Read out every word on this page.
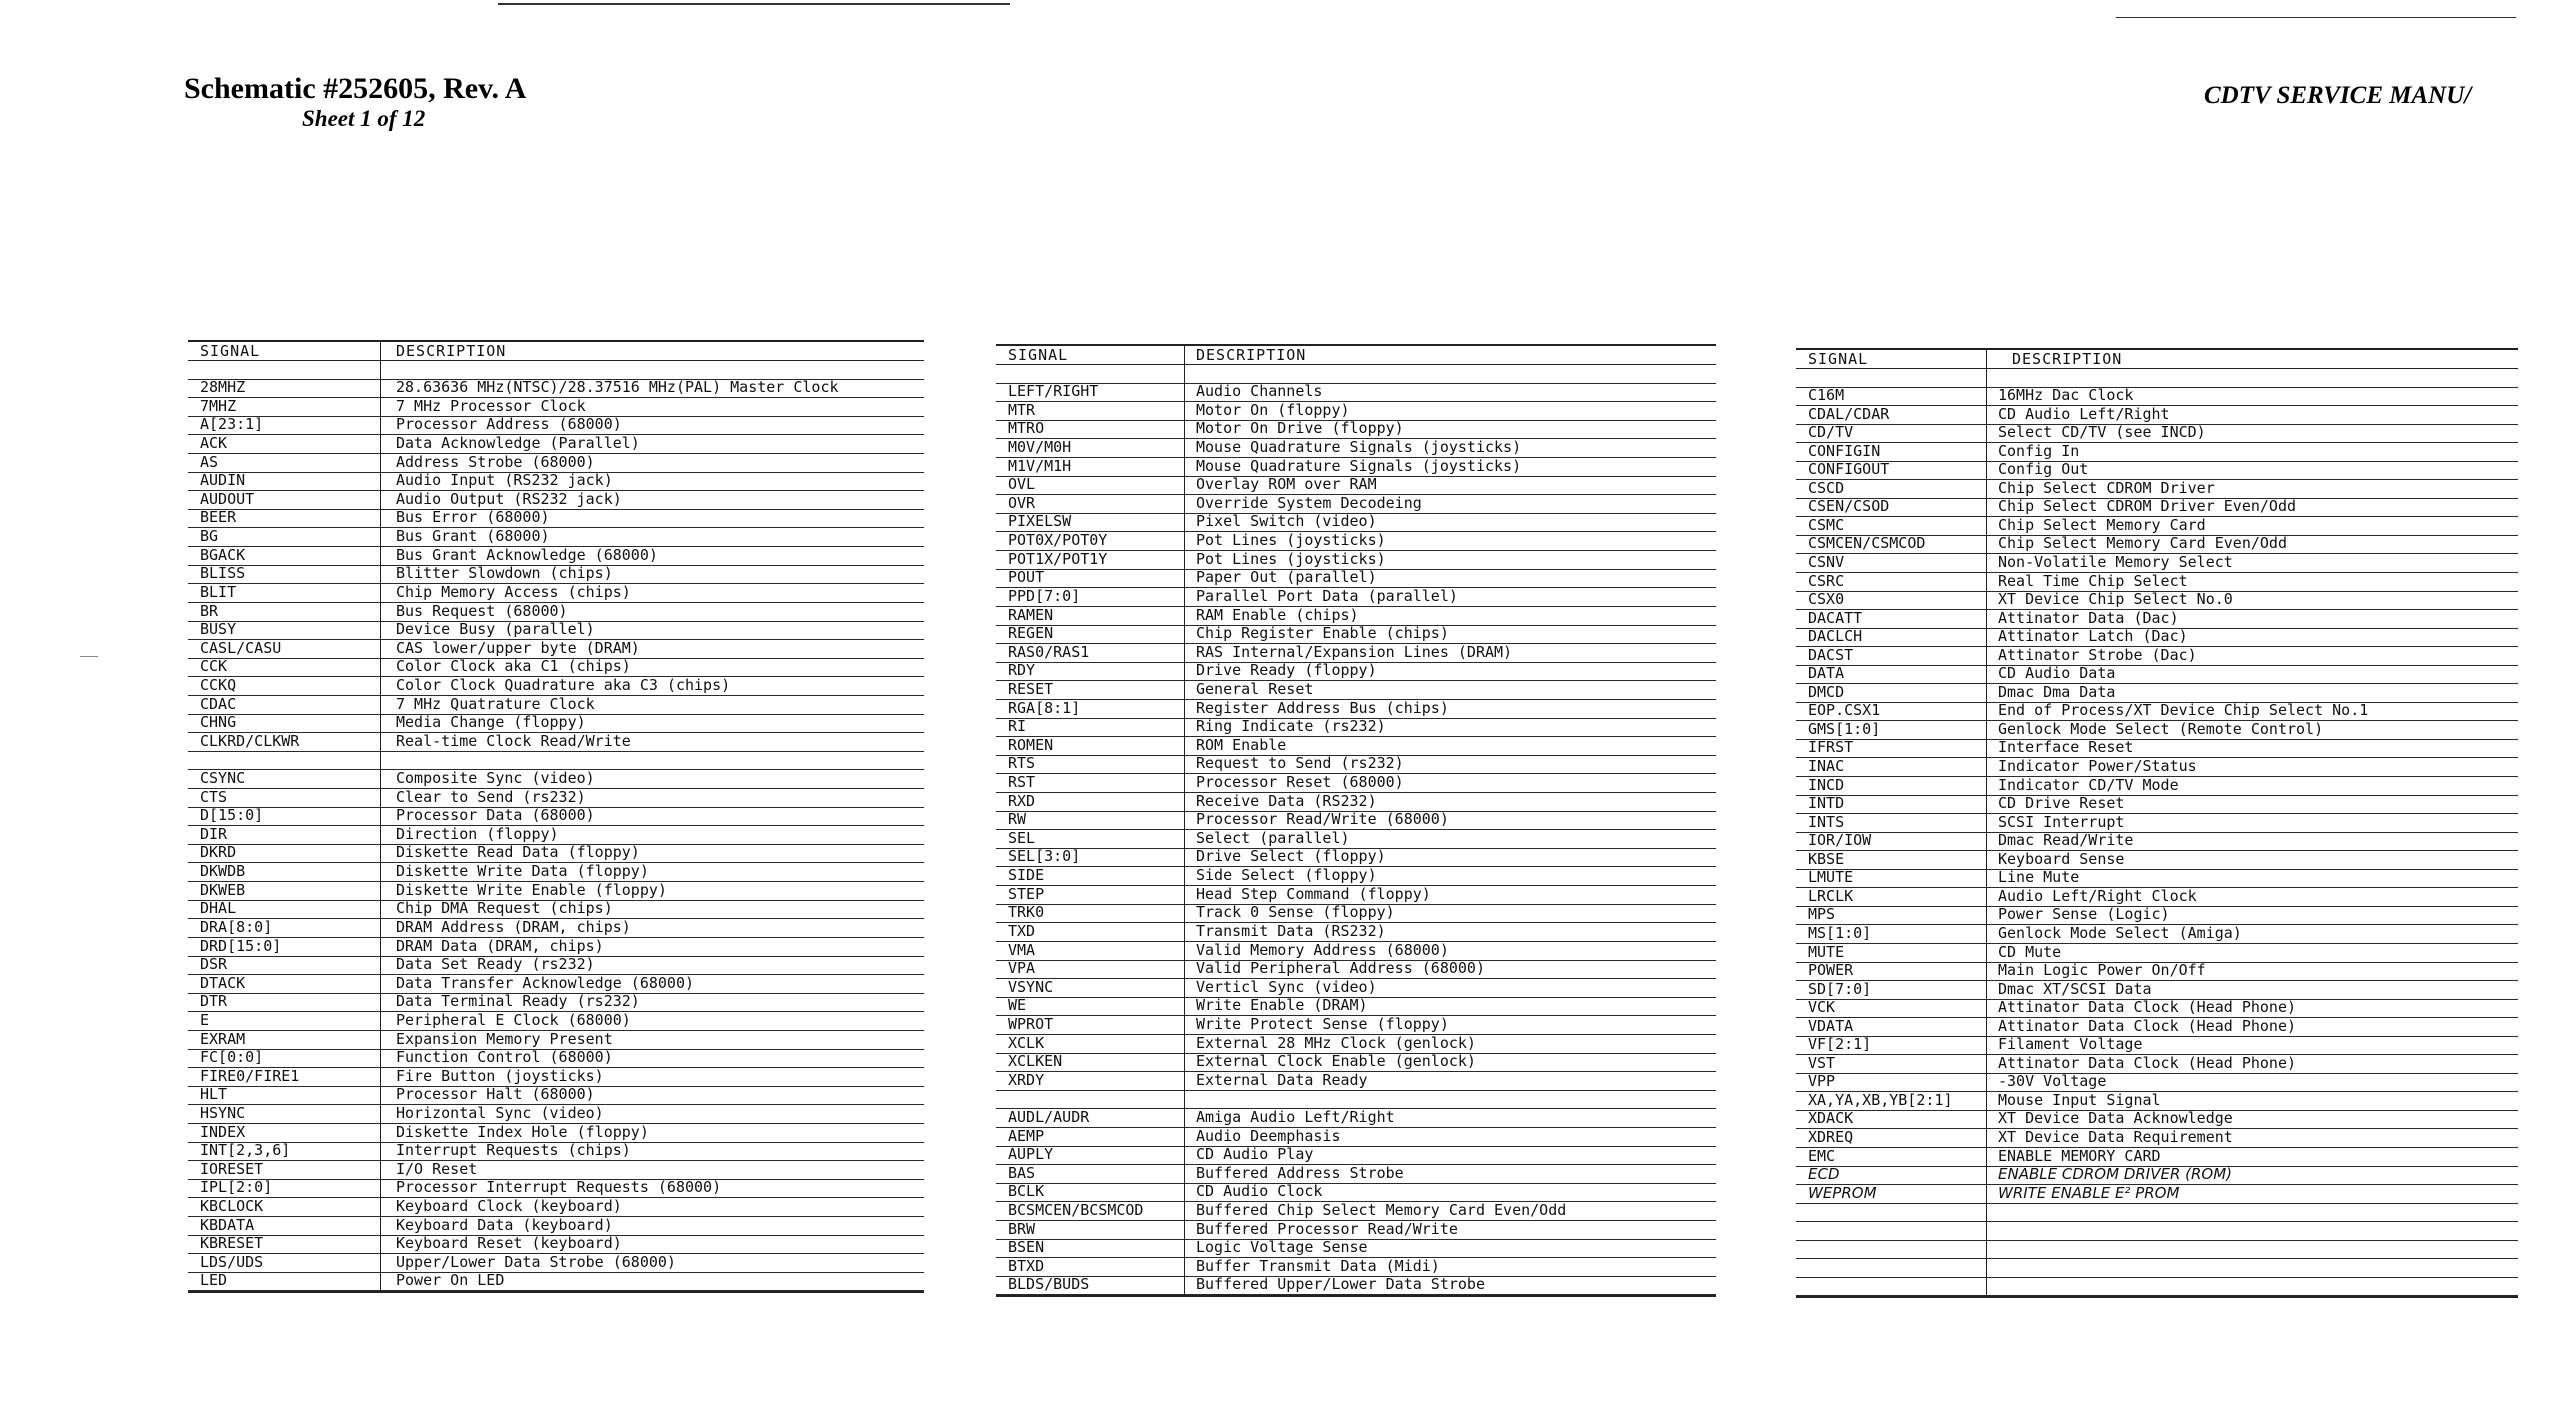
Schematic #252605, Rev. A
Sheet 1 of 12
CDTV SERVICE MANU/
SIGNAL	DESCRIPTION
28MHZ	28.63636 MHz(NTSC)/28.37516 MHz(PAL) Master Clock
7MHZ	7 MHz Processor Clock
A[23:1]	Processor Address (68000)
ACK	Data Acknowledge (Parallel)
AS	Address Strobe (68000)
AUDIN	Audio Input (RS232 jack)
AUDOUT	Audio Output (RS232 jack)
BEER	Bus Error (68000)
BG	Bus Grant (68000)
BGACK	Bus Grant Acknowledge (68000)
BLISS	Blitter Slowdown (chips)
BLIT	Chip Memory Access (chips)
BR	Bus Request (68000)
BUSY	Device Busy (parallel)
CASL/CASU	CAS lower/upper byte (DRAM)
CCK	Color Clock aka C1 (chips)
CCKQ	Color Clock Quadrature aka C3 (chips)
CDAC	7 MHz Quatrature Clock
CHNG	Media Change (floppy)
CLKRD/CLKWR	Real-time Clock Read/Write
CSYNC	Composite Sync (video)
CTS	Clear to Send (rs232)
D[15:0]	Processor Data (68000)
DIR	Direction (floppy)
DKRD	Diskette Read Data (floppy)
DKWDB	Diskette Write Data (floppy)
DKWEB	Diskette Write Enable (floppy)
DHAL	Chip DMA Request (chips)
DRA[8:0]	DRAM Address (DRAM, chips)
DRD[15:0]	DRAM Data (DRAM, chips)
DSR	Data Set Ready (rs232)
DTACK	Data Transfer Acknowledge (68000)
DTR	Data Terminal Ready (rs232)
E	Peripheral E Clock (68000)
EXRAM	Expansion Memory Present
FC[0:0]	Function Control (68000)
FIRE0/FIRE1	Fire Button (joysticks)
HLT	Processor Halt (68000)
HSYNC	Horizontal Sync (video)
INDEX	Diskette Index Hole (floppy)
INT[2,3,6]	Interrupt Requests (chips)
IORESET	I/O Reset
IPL[2:0]	Processor Interrupt Requests (68000)
KBCLOCK	Keyboard Clock (keyboard)
KBDATA	Keyboard Data (keyboard)
KBRESET	Keyboard Reset (keyboard)
LDS/UDS	Upper/Lower Data Strobe (68000)
LED	Power On LED
SIGNAL	DESCRIPTION
LEFT/RIGHT	Audio Channels
MTR	Motor On (floppy)
MTRO	Motor On Drive (floppy)
M0V/M0H	Mouse Quadrature Signals (joysticks)
M1V/M1H	Mouse Quadrature Signals (joysticks)
OVL	Overlay ROM over RAM
OVR	Override System Decodeing
PIXELSW	Pixel Switch (video)
POT0X/POT0Y	Pot Lines (joysticks)
POT1X/POT1Y	Pot Lines (joysticks)
POUT	Paper Out (parallel)
PPD[7:0]	Parallel Port Data (parallel)
RAMEN	RAM Enable (chips)
REGEN	Chip Register Enable (chips)
RAS0/RAS1	RAS Internal/Expansion Lines (DRAM)
RDY	Drive Ready (floppy)
RESET	General Reset
RGA[8:1]	Register Address Bus (chips)
RI	Ring Indicate (rs232)
ROMEN	ROM Enable
RTS	Request to Send (rs232)
RST	Processor Reset (68000)
RXD	Receive Data (RS232)
RW	Processor Read/Write (68000)
SEL	Select (parallel)
SEL[3:0]	Drive Select (floppy)
SIDE	Side Select (floppy)
STEP	Head Step Command (floppy)
TRK0	Track 0 Sense (floppy)
TXD	Transmit Data (RS232)
VMA	Valid Memory Address (68000)
VPA	Valid Peripheral Address (68000)
VSYNC	Verticl Sync (video)
WE	Write Enable (DRAM)
WPROT	Write Protect Sense (floppy)
XCLK	External 28 MHz Clock (genlock)
XCLKEN	External Clock Enable (genlock)
XRDY	External Data Ready
AUDL/AUDR	Amiga Audio Left/Right
AEMP	Audio Deemphasis
AUPLY	CD Audio Play
BAS	Buffered Address Strobe
BCLK	CD Audio Clock
BCSMCEN/BCSMCOD	Buffered Chip Select Memory Card Even/Odd
BRW	Buffered Processor Read/Write
BSEN	Logic Voltage Sense
BTXD	Buffer Transmit Data (Midi)
BLDS/BUDS	Buffered Upper/Lower Data Strobe
SIGNAL	DESCRIPTION
C16M	16MHz Dac Clock
CDAL/CDAR	CD Audio Left/Right
CD/TV	Select CD/TV (see INCD)
CONFIGIN	Config In
CONFIGOUT	Config Out
CSCD	Chip Select CDROM Driver
CSEN/CSOD	Chip Select CDROM Driver Even/Odd
CSMC	Chip Select Memory Card
CSMCEN/CSMCOD	Chip Select Memory Card Even/Odd
CSNV	Non-Volatile Memory Select
CSRC	Real Time Chip Select
CSX0	XT Device Chip Select No.0
DACATT	Attinator Data (Dac)
DACLCH	Attinator Latch (Dac)
DACST	Attinator Strobe (Dac)
DATA	CD Audio Data
DMCD	Dmac Dma Data
EOP.CSX1	End of Process/XT Device Chip Select No.1
GMS[1:0]	Genlock Mode Select (Remote Control)
IFRST	Interface Reset
INAC	Indicator Power/Status
INCD	Indicator CD/TV Mode
INTD	CD Drive Reset
INTS	SCSI Interrupt
IOR/IOW	Dmac Read/Write
KBSE	Keyboard Sense
LMUTE	Line Mute
LRCLK	Audio Left/Right Clock
MPS	Power Sense (Logic)
MS[1:0]	Genlock Mode Select (Amiga)
MUTE	CD Mute
POWER	Main Logic Power On/Off
SD[7:0]	Dmac XT/SCSI Data
VCK	Attinator Data Clock (Head Phone)
VDATA	Attinator Data Clock (Head Phone)
VF[2:1]	Filament Voltage
VST	Attinator Data Clock (Head Phone)
VPP	-30V Voltage
XA,YA,XB,YB[2:1]	Mouse Input Signal
XDACK	XT Device Data Acknowledge
XDREQ	XT Device Data Requirement
EMC	ENABLE MEMORY CARD
ECD	ENABLE CDROM DRIVER (ROM)
WEPROM	WRITE ENABLE E² PROM
